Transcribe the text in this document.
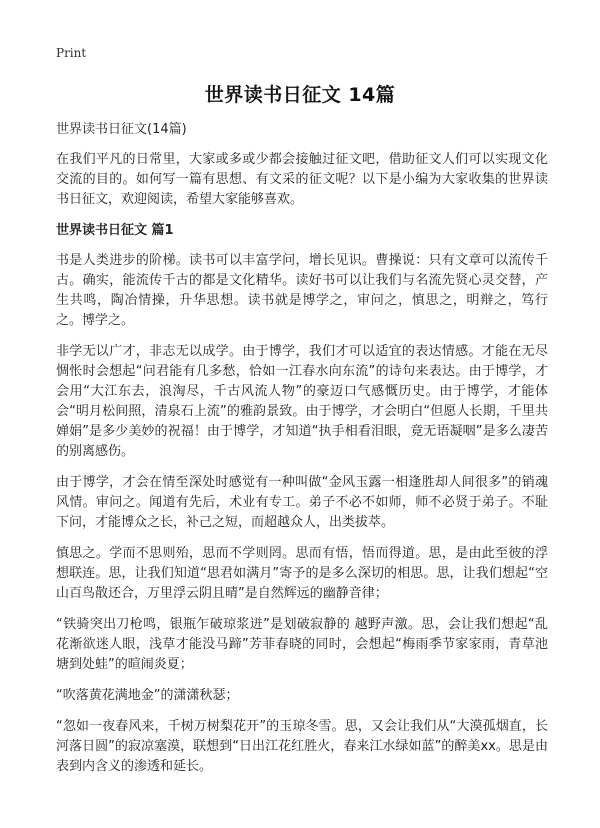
Print
世界读书日征文 14篇

世界读书日征文(14篇)

在我们平凡的日常里，大家或多或少都会接触过征文吧，借助征文人们可以实现文化交流的目的。如何写一篇有思想、有文采的征文呢？以下是小编为大家收集的世界读书日征文，欢迎阅读，希望大家能够喜欢。

世界读书日征文 篇1

书是人类进步的阶梯。读书可以丰富学问，增长见识。曹操说：只有文章可以流传千古。确实，能流传千古的都是文化精华。读好书可以让我们与名流先贤心灵交替，产生共鸣，陶冶情操，升华思想。读书就是博学之，审问之，慎思之，明辩之，笃行之。博学之。

非学无以广才，非志无以成学。由于博学，我们才可以适宜的表达情感。才能在无尽惆怅时会想起“问君能有几多愁，恰如一江春水向东流”的诗句来表达。由于博学，才会用“大江东去，浪淘尽，千古风流人物”的豪迈口气感慨历史。由于博学，才能体会“明月松间照，清泉石上流”的雅韵景致。由于博学，才会明白“但愿人长期，千里共婵娟”是多少美妙的祝福！由于博学，才知道“执手相看泪眼，竟无语凝咽”是多么凄苦的别离感伤。

由于博学，才会在情至深处时感觉有一种叫做“金风玉露一相逢胜却人间很多”的销魂风情。审问之。闻道有先后，术业有专工。弟子不必不如师，师不必贤于弟子。不耻下问，才能博众之长，补己之短，而超越众人，出类拔萃。

慎思之。学而不思则殆，思而不学则罔。思而有悟，悟而得道。思，是由此至彼的浮想联连。思，让我们知道“思君如满月”寄予的是多么深切的相思。思，让我们想起“空山百鸟散还合，万里浮云阴且晴”是自然辉远的幽静音律；

“铁骑突出刀枪鸣，银瓶乍破琼浆迸”是划破寂静的 越野声激。思，会让我们想起“乱花渐欲迷人眼，浅草才能没马蹄”芳菲春晓的同时，会想起“梅雨季节家家雨，青草池塘到处蛙”的暄闹炎夏；

“吹落黄花满地金”的潇潇秋瑟；

“忽如一夜春风来，千树万树梨花开”的玉琼冬雪。思，又会让我们从“大漠孤烟直，长河落日圆”的寂凉塞漠，联想到“日出江花红胜火，春来江水绿如蓝”的醉美xx。思是由表到内含义的渗透和延长。
